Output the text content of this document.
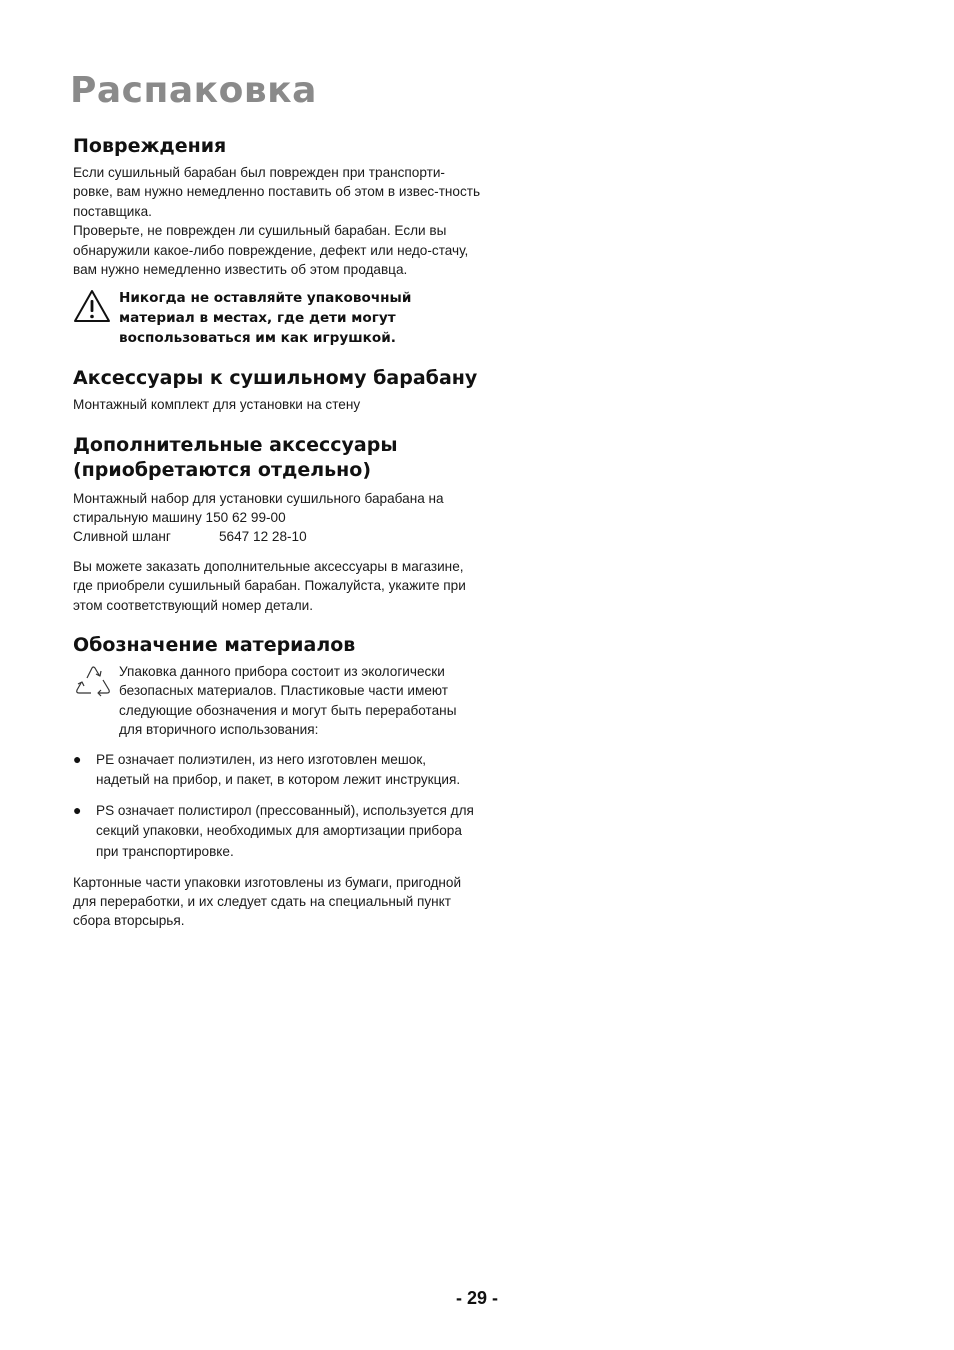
Распаковка
Повреждения

Если сушильный барабан был поврежден при транспорти-ровке, вам нужно немедленно поставить об этом в извес-тность поставщика.

Проверьте, не поврежден ли сушильный барабан. Если вы обнаружили какое-либо повреждение, дефект или недо-стачу, вам нужно немедленно известить об этом продавца.

Никогда не оставляйте упаковочный материал в местах, где дети могут воспользоваться им как игрушкой.
Аксессуары к сушильному барабану

Монтажный комплект для установки на стену

Дополнительные аксессуары (приобретаются отдельно)

Монтажный набор для установки сушильного барабана на стиральную машину 150 62 99-00

Сливной шланг	5647 12 28-10

Вы можете заказать дополнительные аксессуары в магазине, где приобрели сушильный барабан. Пожалуйста, укажите при этом соответствующий номер детали.

Обозначение материалов

Упаковка данного прибора состоит из экологически безопасных материалов. Пластиковые части имеют следующие обозначения и могут быть переработаны для вторичного использования:

●	PE означает полиэтилен, из него изготовлен мешок, надетый на прибор, и пакет, в котором лежит инструкция.

●	PS означает полистирол (прессованный), используется для секций упаковки, необходимых для амортизации прибора при транспортировке.

Картонные части упаковки изготовлены из бумаги, пригодной для переработки, и их следует сдать на специальный пункт сбора вторсырья.

- 29 -
